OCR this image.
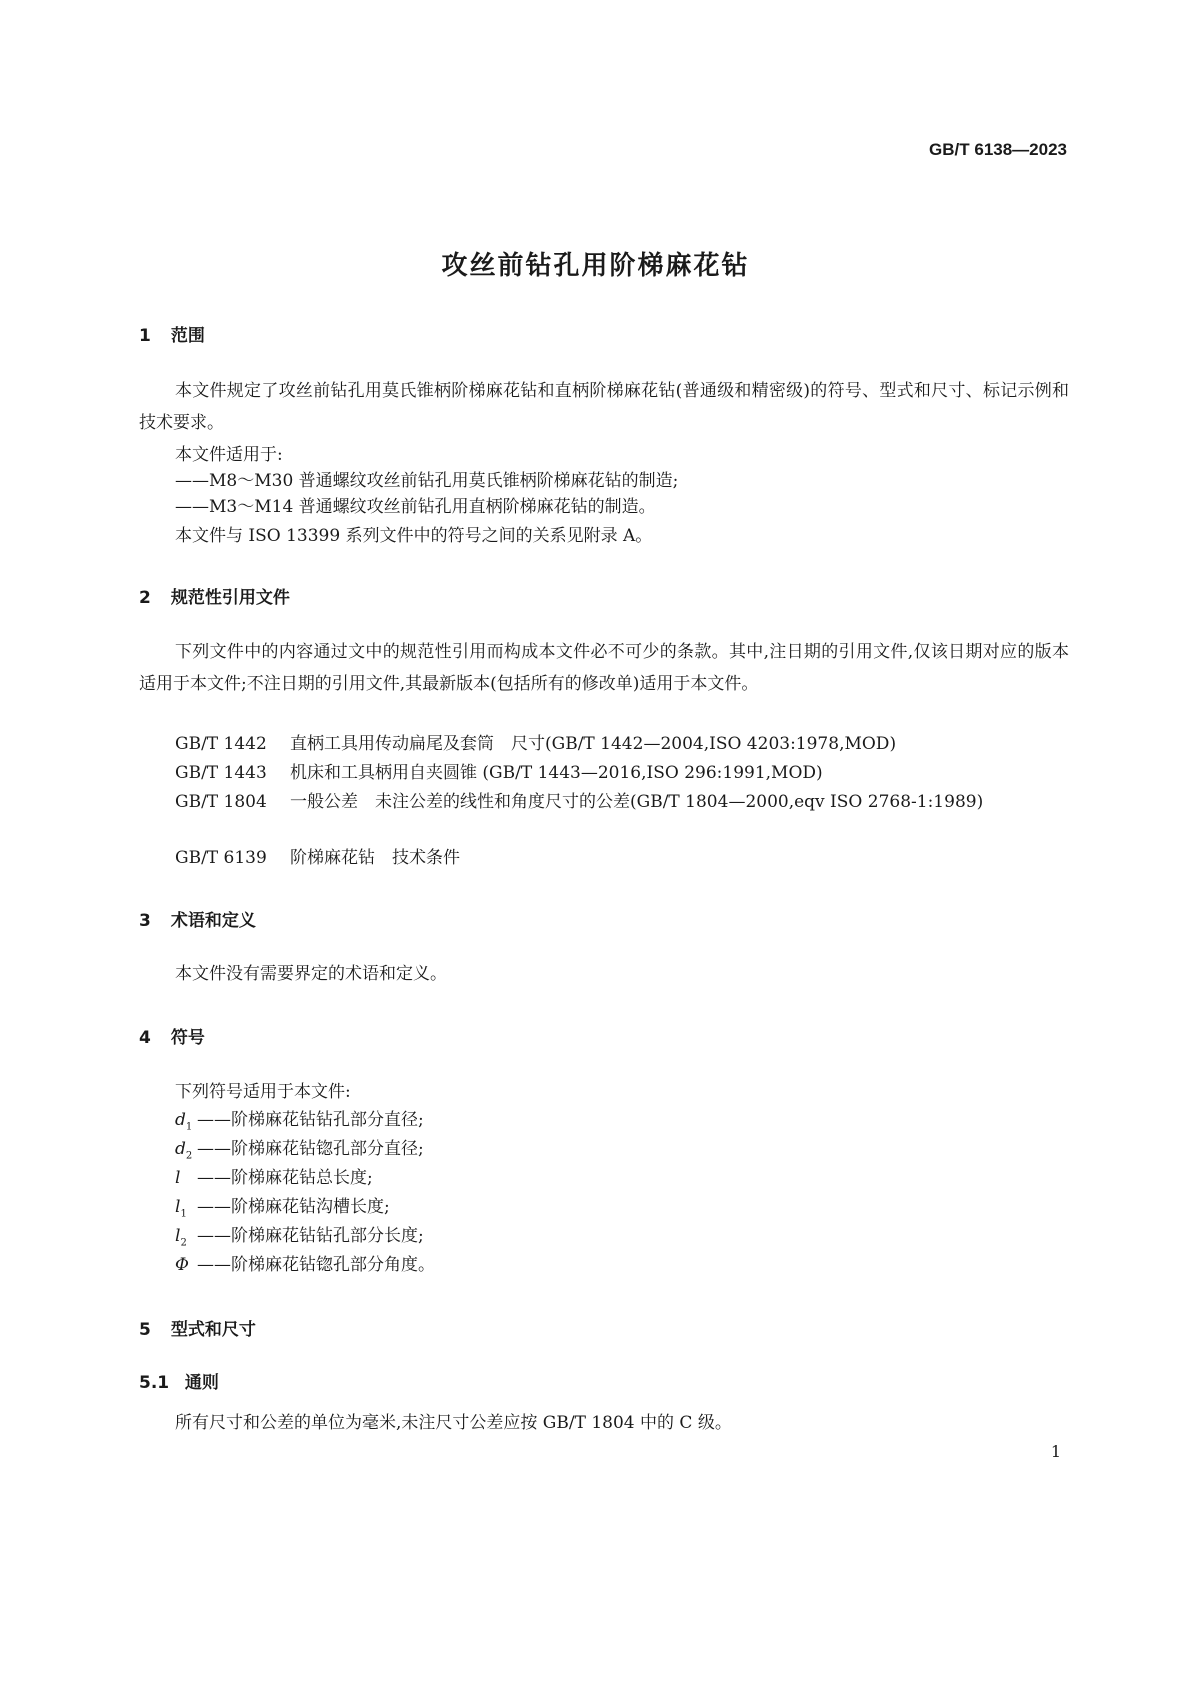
GB/T 6138—2023
攻丝前钻孔用阶梯麻花钻
1 范围
本文件规定了攻丝前钻孔用莫氏锥柄阶梯麻花钻和直柄阶梯麻花钻(普通级和精密级)的符号、型式和尺寸、标记示例和技术要求。
本文件适用于:
——M8～M30 普通螺纹攻丝前钻孔用莫氏锥柄阶梯麻花钻的制造;
——M3～M14 普通螺纹攻丝前钻孔用直柄阶梯麻花钻的制造。
本文件与 ISO 13399 系列文件中的符号之间的关系见附录 A。
2 规范性引用文件
下列文件中的内容通过文中的规范性引用而构成本文件必不可少的条款。其中,注日期的引用文件,仅该日期对应的版本适用于本文件;不注日期的引用文件,其最新版本(包括所有的修改单)适用于本文件。
GB/T 1442 直柄工具用传动扁尾及套筒　尺寸(GB/T 1442—2004,ISO 4203:1978,MOD)
GB/T 1443 机床和工具柄用自夹圆锥 (GB/T 1443—2016,ISO 296:1991,MOD)
GB/T 1804 一般公差　未注公差的线性和角度尺寸的公差(GB/T 1804—2000,eqv ISO 2768-1:1989)
GB/T 6139 阶梯麻花钻　技术条件
3 术语和定义
本文件没有需要界定的术语和定义。
4 符号
下列符号适用于本文件:
$d_1$ ——阶梯麻花钻钻孔部分直径;
$d_2$ ——阶梯麻花钻锪孔部分直径;
l ——阶梯麻花钻总长度;
$l_1$ ——阶梯麻花钻沟槽长度;
$l_2$ ——阶梯麻花钻钻孔部分长度;
Φ ——阶梯麻花钻锪孔部分角度。
5 型式和尺寸
5.1 通则
所有尺寸和公差的单位为毫米,未注尺寸公差应按 GB/T 1804 中的 C 级。
1
